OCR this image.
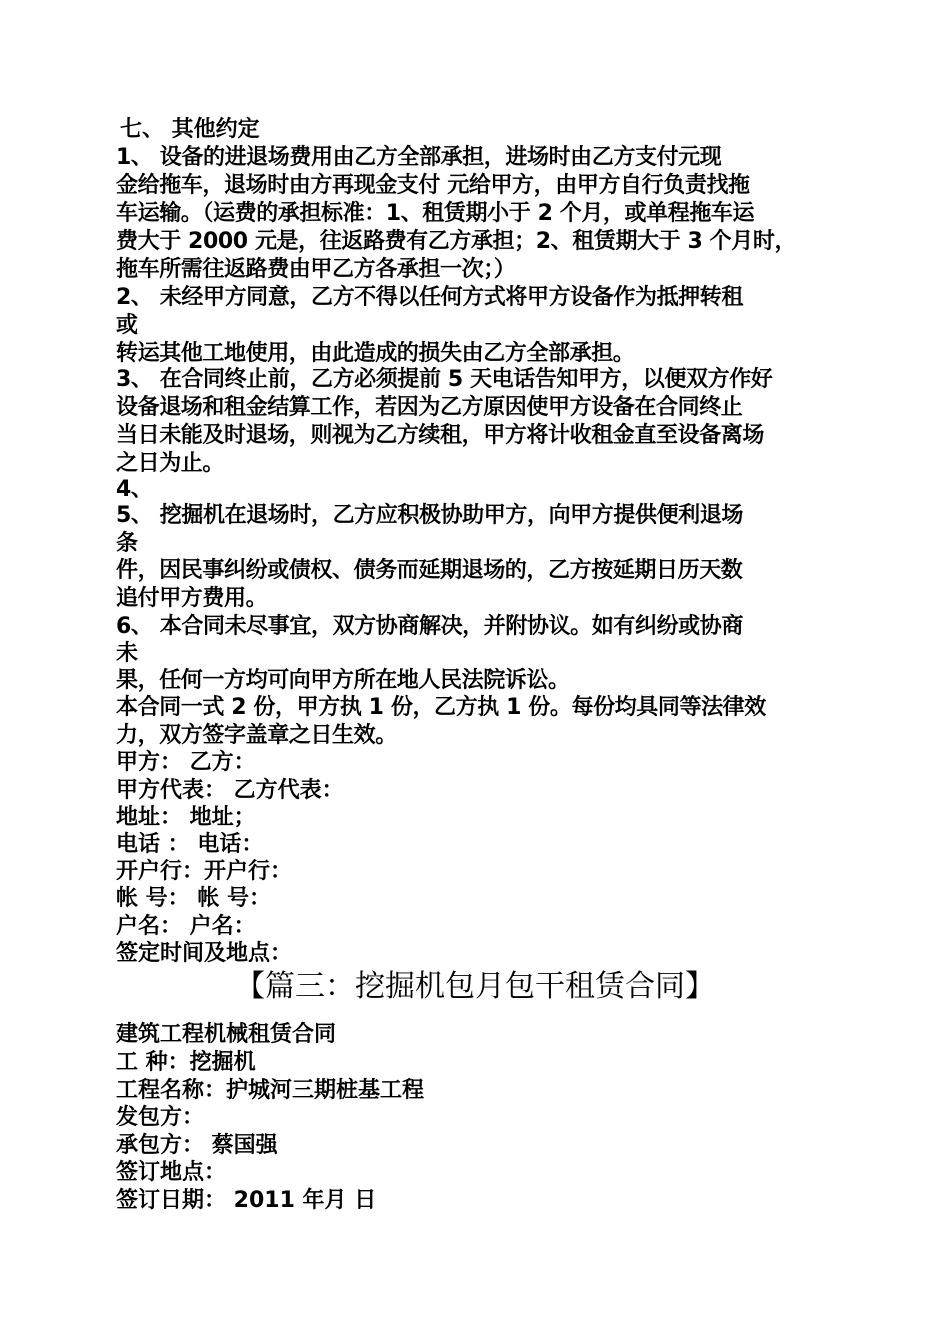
七、 其他约定
1、 设备的进退场费用由乙方全部承担，进场时由乙方支付元现
金给拖车，退场时由方再现金支付 元给甲方，由甲方自行负责找拖
车运输。（运费的承担标准：1、租赁期小于 2 个月，或单程拖车运
费大于 2000 元是，往返路费有乙方承担；2、租赁期大于 3 个月时，
拖车所需往返路费由甲乙方各承担一次；）
2、 未经甲方同意，乙方不得以任何方式将甲方设备作为抵押转租
或
转运其他工地使用，由此造成的损失由乙方全部承担。
3、 在合同终止前，乙方必须提前 5 天电话告知甲方，以便双方作好
设备退场和租金结算工作，若因为乙方原因使甲方设备在合同终止
当日未能及时退场，则视为乙方续租，甲方将计收租金直至设备离场
之日为止。
4、
5、 挖掘机在退场时，乙方应积极协助甲方，向甲方提供便利退场
条
件，因民事纠纷或债权、债务而延期退场的，乙方按延期日历天数
追付甲方费用。
6、 本合同未尽事宜，双方协商解决，并附协议。如有纠纷或协商
未
果，任何一方均可向甲方所在地人民法院诉讼。
本合同一式 2 份，甲方执 1 份，乙方执 1 份。每份均具同等法律效
力，双方签字盖章之日生效。
甲方： 乙方：
甲方代表： 乙方代表：
地址： 地址；
电话 ： 电话：
开户行：开户行：
帐 号： 帐 号：
户名： 户名：
签定时间及地点：
【篇三：挖掘机包月包干租赁合同】
建筑工程机械租赁合同
工 种：挖掘机
工程名称：护城河三期桩基工程
发包方：
承包方： 蔡国强
签订地点：
签订日期： 2011 年月 日
